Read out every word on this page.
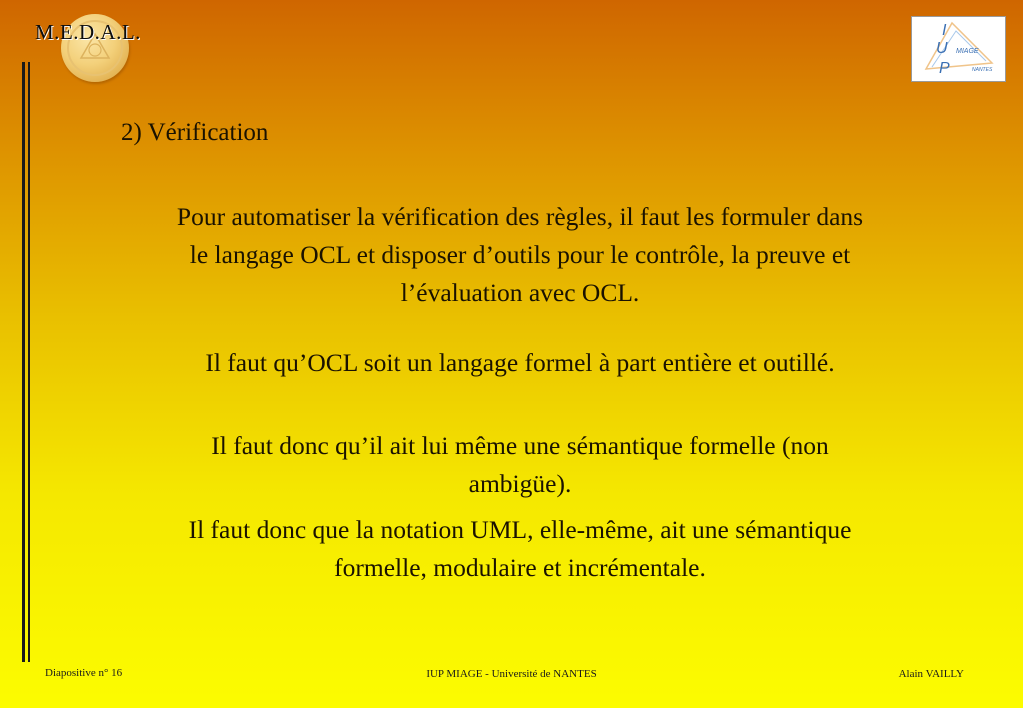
M.E.D.A.L.	I
U
P
MIAGE
NANTES
2) Vérification
Pour automatiser la vérification des règles, il faut les formuler dans le langage OCL et disposer d’outils pour le contrôle, la preuve et l’évaluation avec OCL.
Il faut qu’OCL soit un langage formel à part entière et outillé.
Il faut donc qu’il ait lui même une sémantique formelle (non ambigüe).
Il faut donc que la notation UML, elle-même, ait une sémantique formelle, modulaire et incrémentale.
Diapositive n° 16	IUP MIAGE - Université de NANTES	Alain VAILLY
